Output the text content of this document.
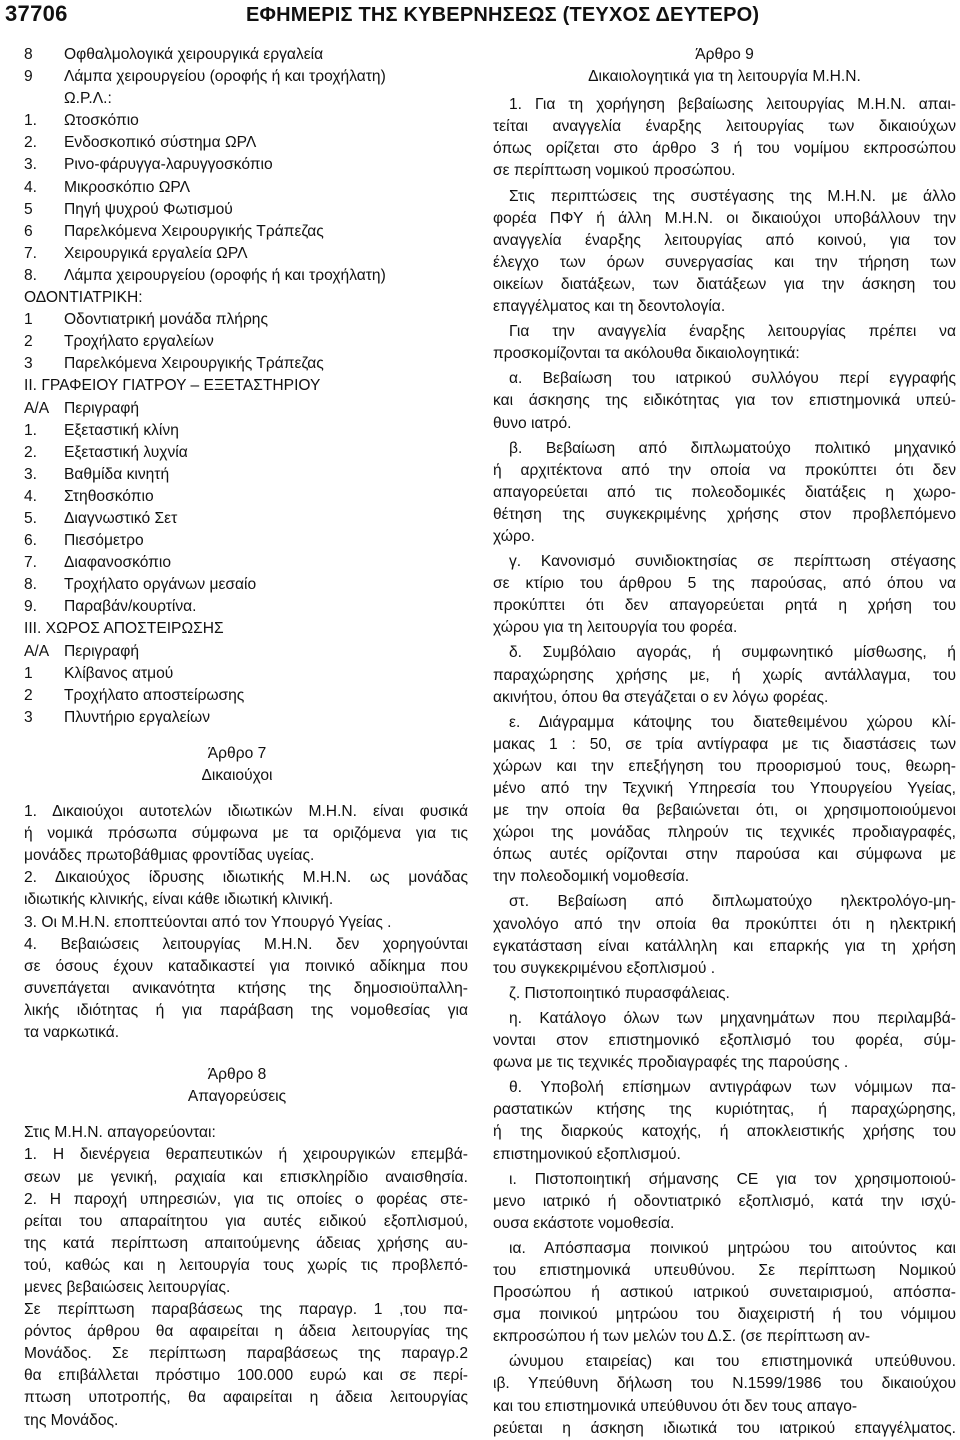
37706	ΕΦΗΜΕΡΙΣ ΤΗΣ ΚΥΒΕΡΝΗΣΕΩΣ (ΤΕΥΧΟΣ ΔΕΥΤΕΡΟ)
8 Οφθαλμολογικά χειρουργικά εργαλεία
9 Λάμπα χειρουργείου (οροφής ή και τροχήλατη)
Ω.Ρ.Λ.:
1. Ωτοσκόπιο
2. Ενδοσκοπικό σύστημα ΩΡΛ
3. Ρινο-φάρυγγα-λαρυγγοσκόπιο
4. Μικροσκόπιο ΩΡΛ
5 Πηγή ψυχρού Φωτισμού
6 Παρελκόμενα Χειρουργικής Τράπεζας
7. Χειρουργικά εργαλεία ΩΡΛ
8. Λάμπα χειρουργείου (οροφής ή και τροχήλατη)
ΟΔΟΝΤΙΑΤΡΙΚΗ:
1 Οδοντιατρική μονάδα πλήρης
2 Τροχήλατο εργαλείων
3 Παρελκόμενα Χειρουργικής Τράπεζας
ΙΙ. ΓΡΑΦΕΙΟΥ ΓΙΑΤΡΟΥ – ΕΞΕΤΑΣΤΗΡΙΟΥ
Α/Α Περιγραφή
1. Εξεταστική κλίνη
2. Εξεταστική λυχνία
3. Βαθμίδα κινητή
4. Στηθοσκόπιο
5. Διαγνωστικό Σετ
6. Πιεσόμετρο
7. Διαφανοσκόπιο
8. Τροχήλατο οργάνων μεσαίο
9. Παραβάν/κουρτίνα.
ΙΙΙ. ΧΩΡΟΣ ΑΠΟΣΤΕΙΡΩΣΗΣ
Α/Α Περιγραφή
1 Κλίβανος ατμού
2 Τροχήλατο αποστείρωσης
3 Πλυντήριο εργαλείων
Άρθρο 7
Δικαιούχοι
1. Δικαιούχοι αυτοτελών ιδιωτικών Μ.Η.Ν. είναι φυσικά
ή νομικά πρόσωπα σύμφωνα με τα οριζόμενα για τις
μονάδες πρωτοβάθμιας φροντίδας υγείας.
2. Δικαιούχος ίδρυσης ιδιωτικής Μ.Η.Ν. ως μονάδας
ιδιωτικής κλινικής, είναι κάθε ιδιωτική κλινική.
3. Οι Μ.Η.Ν. εποπτεύονται από τον Υπουργό Υγείας .
4. Βεβαιώσεις λειτουργίας Μ.Η.Ν. δεν χορηγούνται
σε όσους έχουν καταδικαστεί για ποινικό αδίκημα που
συνεπάγεται ανικανότητα κτήσης της δημοσιοϋπαλλη-
λικής ιδιότητας ή για παράβαση της νομοθεσίας για
τα ναρκωτικά.
Άρθρο 8
Απαγορεύσεις
Στις Μ.Η.Ν. απαγορεύονται:
1. Η διενέργεια θεραπευτικών ή χειρουργικών επεμβά-
σεων με γενική, ραχιαία και επισκληρίδιο αναισθησία.
2. Η παροχή υπηρεσιών, για τις οποίες ο φορέας στε-
ρείται του απαραίτητου για αυτές ειδικού εξοπλισμού,
της κατά περίπτωση απαιτούμενης άδειας χρήσης αυ-
τού, καθώς και η λειτουργία τους χωρίς τις προβλεπό-
μενες βεβαιώσεις λειτουργίας.
Σε περίπτωση παραβάσεως της παραγρ. 1 ,του πα-
ρόντος άρθρου θα αφαιρείται η άδεια λειτουργίας της
Μονάδος. Σε περίπτωση παραβάσεως της παραγρ.2
θα επιβάλλεται πρόστιμο 100.000 ευρώ και σε περί-
πτωση υποτροπής, θα αφαιρείται η άδεια λειτουργίας
της Μονάδος.
Άρθρο 9
Δικαιολογητικά για τη λειτουργία Μ.Η.Ν.
1. Για τη χορήγηση βεβαίωσης λειτουργίας Μ.Η.Ν. απαι-
τείται αναγγελία έναρξης λειτουργίας των δικαιούχων
όπως ορίζεται στο άρθρο 3 ή του νομίμου εκπροσώπου
σε περίπτωση νομικού προσώπου.
Στις περιπτώσεις της συστέγασης της Μ.Η.Ν. με άλλο
φορέα ΠΦΥ ή άλλη Μ.Η.Ν. οι δικαιούχοι υποβάλλουν την
αναγγελία έναρξης λειτουργίας από κοινού, για τον
έλεγχο των όρων συνεργασίας και την τήρηση των
οικείων διατάξεων, των διατάξεων για την άσκηση του
επαγγέλματος και τη δεοντολογία.
Για την αναγγελία έναρξης λειτουργίας πρέπει να
προσκομίζονται τα ακόλουθα δικαιολογητικά:
α. Βεβαίωση του ιατρικού συλλόγου περί εγγραφής
και άσκησης της ειδικότητας για τον επιστημονικά υπεύ-
θυνο ιατρό.
β. Βεβαίωση από διπλωματούχο πολιτικό μηχανικό
ή αρχιτέκτονα από την οποία να προκύπτει ότι δεν
απαγορεύεται από τις πολεοδομικές διατάξεις η χωρο-
θέτηση της συγκεκριμένης χρήσης στον προβλεπόμενο
χώρο.
γ. Κανονισμό συνιδιοκτησίας σε περίπτωση στέγασης
σε κτίριο του άρθρου 5 της παρούσας, από όπου να
προκύπτει ότι δεν απαγορεύεται ρητά η χρήση του
χώρου για τη λειτουργία του φορέα.
δ. Συμβόλαιο αγοράς, ή συμφωνητικό μίσθωσης, ή
παραχώρησης χρήσης με, ή χωρίς αντάλλαγμα, του
ακινήτου, όπου θα στεγάζεται ο εν λόγω φορέας.
ε. Διάγραμμα κάτοψης του διατεθειμένου χώρου κλί-
μακας 1 : 50, σε τρία αντίγραφα με τις διαστάσεις των
χώρων και την επεξήγηση του προορισμού τους, θεωρη-
μένο από την Τεχνική Υπηρεσία του Υπουργείου Υγείας,
με την οποία θα βεβαιώνεται ότι, οι χρησιμοποιούμενοι
χώροι της μονάδας πληρούν τις τεχνικές προδιαγραφές,
όπως αυτές ορίζονται στην παρούσα και σύμφωνα με
την πολεοδομική νομοθεσία.
στ. Βεβαίωση από διπλωματούχο ηλεκτρολόγο-μη-
χανολόγο από την οποία θα προκύπτει ότι η ηλεκτρική
εγκατάσταση είναι κατάλληλη και επαρκής για τη χρήση
του συγκεκριμένου εξοπλισμού .
ζ. Πιστοποιητικό πυρασφάλειας.
η. Κατάλογο όλων των μηχανημάτων που περιλαμβά-
νονται στον επιστημονικό εξοπλισμό του φορέα, σύμ-
φωνα με τις τεχνικές προδιαγραφές της παρούσης .
θ. Υποβολή επίσημων αντιγράφων των νόμιμων πα-
ραστατικών κτήσης της κυριότητας, ή παραχώρησης,
ή της διαρκούς κατοχής, ή αποκλειστικής χρήσης του
επιστημονικού εξοπλισμού.
ι. Πιστοποιητική σήμανσης CE για τον χρησιμοποιού-
μενο ιατρικό ή οδοντιατρικό εξοπλισμό, κατά την ισχύ-
ουσα εκάστοτε νομοθεσία.
ια. Απόσπασμα ποινικού μητρώου του αιτούντος και
του επιστημονικά υπευθύνου. Σε περίπτωση Νομικού
Προσώπου ή αστικού ιατρικού συνεταιρισμού, απόσπα-
σμα ποινικού μητρώου του διαχειριστή ή του νόμιμου
εκπροσώπου ή των μελών του Δ.Σ. (σε περίπτωση αν-
ώνυμου εταιρείας) και του επιστημονικά υπεύθυνου.
ιβ. Υπεύθυνη δήλωση του Ν.1599/1986 του δικαιούχου
και του επιστημονικά υπεύθυνου ότι δεν τους απαγο-
ρεύεται η άσκηση ιδιωτικά του ιατρικού επαγγέλματος.
